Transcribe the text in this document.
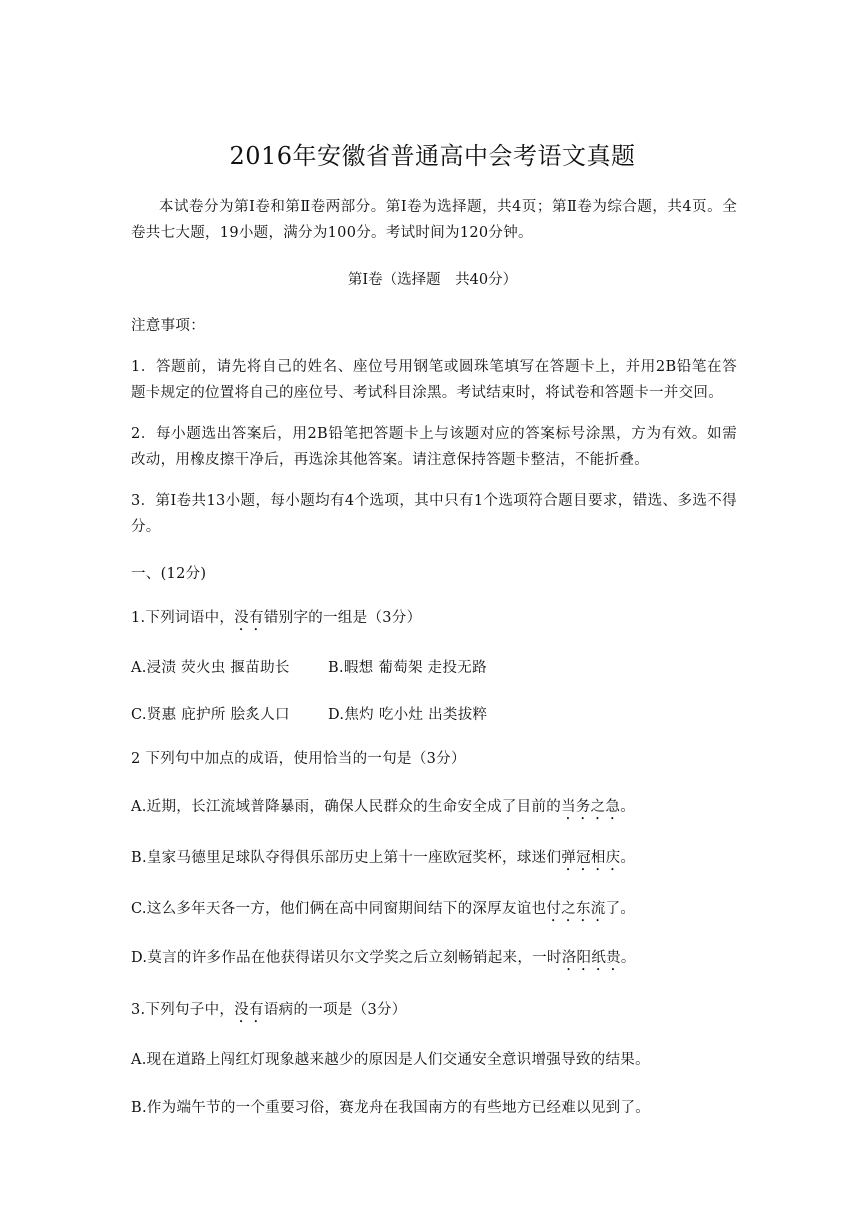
2016年安徽省普通高中会考语文真题
本试卷分为第Ⅰ卷和第Ⅱ卷两部分。第Ⅰ卷为选择题，共4页；第Ⅱ卷为综合题，共4页。全卷共七大题，19小题，满分为100分。考试时间为120分钟。
第Ⅰ卷（选择题　共40分）
注意事项：
1．答题前，请先将自己的姓名、座位号用钢笔或圆珠笔填写在答题卡上，并用2B铅笔在答题卡规定的位置将自己的座位号、考试科目涂黑。考试结束时，将试卷和答题卡一并交回。
2．每小题选出答案后，用2B铅笔把答题卡上与该题对应的答案标号涂黑，方为有效。如需改动，用橡皮擦干净后，再选涂其他答案。请注意保持答题卡整洁，不能折叠。
3．第Ⅰ卷共13小题，每小题均有4个选项，其中只有1个选项符合题目要求，错选、多选不得分。
一、(12分)
1.下列词语中，没有错别字的一组是（3分）
A.浸渍 荧火虫 揠苗助长	B.暇想 葡萄架 走投无路
C.贤惠 庇护所 脍炙人口	D.焦灼 吃小灶 出类拔粹
2 下列句中加点的成语，使用恰当的一句是（3分）
A.近期，长江流域普降暴雨，确保人民群众的生命安全成了目前的当务之急。
B.皇家马德里足球队夺得俱乐部历史上第十一座欧冠奖杯，球迷们弹冠相庆。
C.这么多年天各一方，他们俩在高中同窗期间结下的深厚友谊也付之东流了。
D.莫言的许多作品在他获得诺贝尔文学奖之后立刻畅销起来，一时洛阳纸贵。
3.下列句子中，没有语病的一项是（3分）
A.现在道路上闯红灯现象越来越少的原因是人们交通安全意识增强导致的结果。
B.作为端午节的一个重要习俗，赛龙舟在我国南方的有些地方已经难以见到了。
